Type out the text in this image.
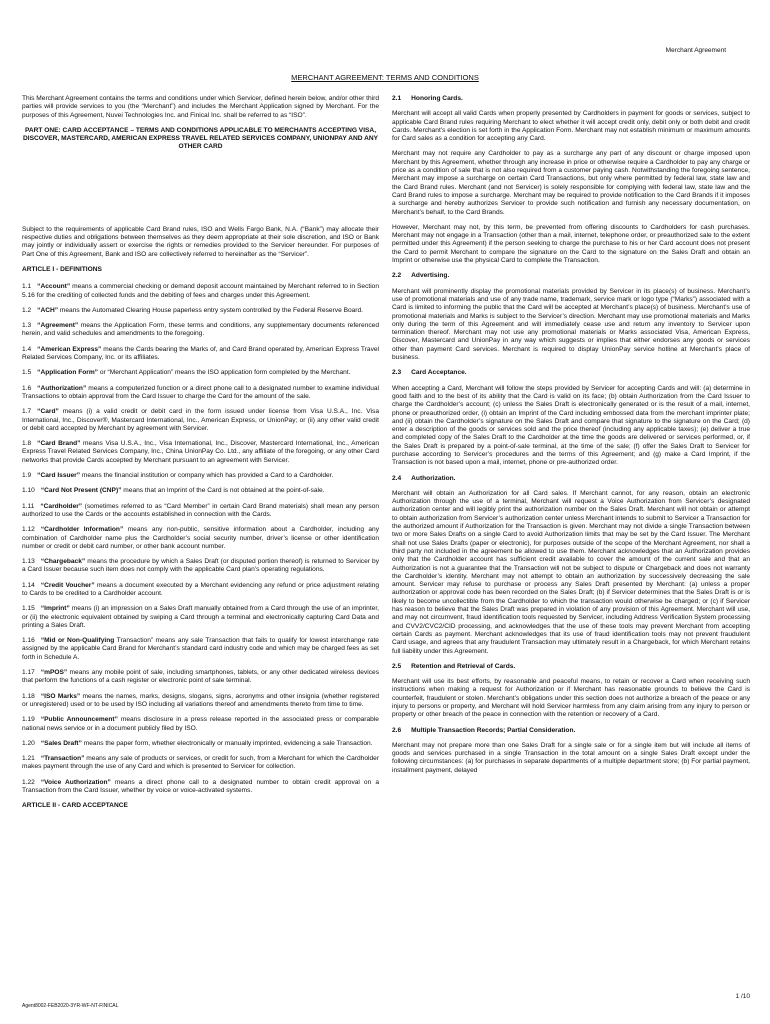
Merchant Agreement
MERCHANT AGREEMENT: TERMS AND CONDITIONS

This Merchant Agreement contains the terms and conditions under which Servicer, defined herein below, and/or other third parties will provide services to you (the “Merchant”) and includes the Merchant Application signed by Merchant. For the purposes of this Agreement, Nuvei Technologies Inc. and Finical Inc. shall be referred to as “ISO”.

PART ONE: CARD ACCEPTANCE – TERMS AND CONDITIONS APPLICABLE TO MERCHANTS ACCEPTING VISA, DISCOVER, MASTERCARD, AMERICAN EXPRESS TRAVEL RELATED SERVICES COMPANY, UNIONPAY AND ANY OTHER CARD

Subject to the requirements of applicable Card Brand rules, ISO and Wells Fargo Bank, N.A. (“Bank”) may allocate their respective duties and obligations between themselves as they deem appropriate at their sole discretion, and ISO or Bank may jointly or individually assert or exercise the rights or remedies provided to the Servicer hereunder. For purposes of Part One of this Agreement, Bank and ISO are collectively referred to hereinafter as the “Servicer”.

ARTICLE I - DEFINITIONS

1.1 “Account” means a commercial checking or demand deposit account maintained by Merchant referred to in Section 5.16 for the crediting of collected funds and the debiting of fees and charges under this Agreement.

1.2 “ACH” means the Automated Clearing House paperless entry system controlled by the Federal Reserve Board.

1.3 “Agreement” means the Application Form, these terms and conditions, any supplementary documents referenced herein, and valid schedules and amendments to the foregoing.

1.4 “American Express” means the Cards bearing the Marks of, and Card Brand operated by, American Express Travel Related Services Company, Inc. or its affiliates.

1.5 “Application Form” or “Merchant Application” means the ISO application form completed by the Merchant.

1.6 “Authorization” means a computerized function or a direct phone call to a designated number to examine individual Transactions to obtain approval from the Card Issuer to charge the Card for the amount of the sale.

1.7 “Card” means (i) a valid credit or debit card in the form issued under license from Visa U.S.A., Inc. Visa International, Inc., Discover®, Mastercard International, Inc., American Express, or UnionPay; or (ii) any other valid credit or debit card accepted by Merchant by agreement with Servicer.

1.8 “Card Brand” means Visa U.S.A., Inc., Visa International, Inc., Discover, Mastercard International, Inc., American Express Travel Related Services Company, Inc., China UnionPay Co. Ltd., any affiliate of the foregoing, or any other Card networks that provide Cards accepted by Merchant pursuant to an agreement with Servicer.

1.9 “Card Issuer” means the financial institution or company which has provided a Card to a Cardholder.

1.10 “Card Not Present (CNP)” means that an Imprint of the Card is not obtained at the point-of-sale.

1.11 “Cardholder” (sometimes referred to as “Card Member” in certain Card Brand materials) shall mean any person authorized to use the Cards or the accounts established in connection with the Cards.

1.12 “Cardholder Information” means any non-public, sensitive information about a Cardholder, including any combination of Cardholder name plus the Cardholder’s social security number, driver’s license or other identification number or credit or debit card number, or other bank account number.

1.13 “Chargeback” means the procedure by which a Sales Draft (or disputed portion thereof) is returned to Servicer by a Card Issuer because such item does not comply with the applicable Card plan’s operating regulations.

1.14 “Credit Voucher” means a document executed by a Merchant evidencing any refund or price adjustment relating to Cards to be credited to a Cardholder account.

1.15 “Imprint” means (i) an impression on a Sales Draft manually obtained from a Card through the use of an imprinter, or (ii) the electronic equivalent obtained by swiping a Card through a terminal and electronically capturing Card Data and printing a Sales Draft.

1.16 “Mid or Non-Qualifying Transaction” means any sale Transaction that fails to qualify for lowest interchange rate assigned by the applicable Card Brand for Merchant’s standard card industry code and which may be charged fees as set forth in Schedule A.

1.17 “mPOS” means any mobile point of sale, including smartphones, tablets, or any other dedicated wireless devices that perform the functions of a cash register or electronic point of sale terminal.

1.18 “ISO Marks” means the names, marks, designs, slogans, signs, acronyms and other insignia (whether registered or unregistered) used or to be used by ISO including all variations thereof and amendments thereto from time to time.

1.19 “Public Announcement” means disclosure in a press release reported in the associated press or comparable national news service or in a document publicly filed by ISO.

1.20 “Sales Draft” means the paper form, whether electronically or manually imprinted, evidencing a sale Transaction.

1.21 “Transaction” means any sale of products or services, or credit for such, from a Merchant for which the Cardholder makes payment through the use of any Card and which is presented to Servicer for collection.

1.22 “Voice Authorization” means a direct phone call to a designated number to obtain credit approval on a Transaction from the Card Issuer, whether by voice or voice-activated systems.

ARTICLE II - CARD ACCEPTANCE

2.1 Honoring Cards.

Merchant will accept all valid Cards when properly presented by Cardholders in payment for goods or services, subject to applicable Card Brand rules requiring Merchant to elect whether it will accept credit only, debit only or both debit and credit Cards. Merchant’s election is set forth in the Application Form. Merchant may not establish minimum or maximum amounts for Card sales as a condition for accepting any Card.

Merchant may not require any Cardholder to pay as a surcharge any part of any discount or charge imposed upon Merchant by this Agreement, whether through any increase in price or otherwise require a Cardholder to pay any charge or price as a condition of sale that is not also required from a customer paying cash. Notwithstanding the foregoing sentence, Merchant may impose a surcharge on certain Card Transactions, but only where permitted by federal law, state law and the Card Brand rules. Merchant (and not Servicer) is solely responsible for complying with federal law, state law and the Card Brand rules to impose a surcharge. Merchant may be required to provide notification to the Card Brands if it imposes a surcharge and hereby authorizes Servicer to provide such notification and furnish any necessary documentation, on Merchant’s behalf, to the Card Brands.

However, Merchant may not, by this term, be prevented from offering discounts to Cardholders for cash purchases. Merchant may not engage in a Transaction (other than a mail, internet, telephone order, or preauthorized sale to the extent permitted under this Agreement) if the person seeking to charge the purchase to his or her Card account does not present the Card to permit Merchant to compare the signature on the Card to the signature on the Sales Draft and obtain an Imprint or otherwise use the physical Card to complete the Transaction.

2.2 Advertising.

Merchant will prominently display the promotional materials provided by Servicer in its place(s) of business. Merchant’s use of promotional materials and use of any trade name, trademark, service mark or logo type (“Marks”) associated with a Card is limited to informing the public that the Card will be accepted at Merchant’s place(s) of business. Merchant’s use of promotional materials and Marks is subject to the Servicer’s direction. Merchant may use promotional materials and Marks only during the term of this Agreement and will immediately cease use and return any inventory to Servicer upon termination thereof. Merchant may not use any promotional materials or Marks associated Visa, American Express, Discover, Mastercard and UnionPay in any way which suggests or implies that either endorses any goods or services other than payment Card services. Merchant is required to display UnionPay service hotline at Merchant’s place of business.

2.3 Card Acceptance.

When accepting a Card, Merchant will follow the steps provided by Servicer for accepting Cards and will: (a) determine in good faith and to the best of its ability that the Card is valid on its face; (b) obtain Authorization from the Card Issuer to charge the Cardholder’s account; (c) unless the Sales Draft is electronically generated or is the result of a mail, internet, phone or preauthorized order, (i) obtain an Imprint of the Card including embossed data from the merchant imprinter plate; and (ii) obtain the Cardholder’s signature on the Sales Draft and compare that signature to the signature on the Card; (d) enter a description of the goods or services sold and the price thereof (including any applicable taxes); (e) deliver a true and completed copy of the Sales Draft to the Cardholder at the time the goods are delivered or services performed, or, if the Sales Draft is prepared by a point-of-sale terminal, at the time of the sale; (f) offer the Sales Draft to Servicer for purchase according to Servicer’s procedures and the terms of this Agreement; and (g) make a Card Imprint, if the Transaction is not based upon a mail, internet, phone or pre-authorized order.

2.4 Authorization.

Merchant will obtain an Authorization for all Card sales. If Merchant cannot, for any reason, obtain an electronic Authorization through the use of a terminal, Merchant will request a Voice Authorization from Servicer’s designated authorization center and will legibly print the authorization number on the Sales Draft. Merchant will not obtain or attempt to obtain authorization from Servicer’s authorization center unless Merchant intends to submit to Servicer a Transaction for the authorized amount if Authorization for the Transaction is given. Merchant may not divide a single Transaction between two or more Sales Drafts on a single Card to avoid Authorization limits that may be set by the Card Issuer. The Merchant shall not use Sales Drafts (paper or electronic), for purposes outside of the scope of the Merchant Agreement, nor shall a third party not included in the agreement be allowed to use them. Merchant acknowledges that an Authorization provides only that the Cardholder account has sufficient credit available to cover the amount of the current sale and that an Authorization is not a guarantee that the Transaction will not be subject to dispute or Chargeback and does not warranty the Cardholder’s identity. Merchant may not attempt to obtain an authorization by successively decreasing the sale amount. Servicer may refuse to purchase or process any Sales Draft presented by Merchant: (a) unless a proper authorization or approval code has been recorded on the Sales Draft; (b) if Servicer determines that the Sales Draft is or is likely to become uncollectible from the Cardholder to which the transaction would otherwise be charged; or (c) if Servicer has reason to believe that the Sales Draft was prepared in violation of any provision of this Agreement. Merchant will use, and may not circumvent, fraud identification tools requested by Servicer, including Address Verification System processing and CVV2/CVC2/CID processing, and acknowledges that the use of these tools may prevent Merchant from accepting certain Cards as payment. Merchant acknowledges that its use of fraud identification tools may not prevent fraudulent Card usage, and agrees that any fraudulent Transaction may ultimately result in a Chargeback, for which Merchant retains full liability under this Agreement.

2.5 Retention and Retrieval of Cards.

Merchant will use its best efforts, by reasonable and peaceful means, to retain or recover a Card when receiving such instructions when making a request for Authorization or if Merchant has reasonable grounds to believe the Card is counterfeit, fraudulent or stolen. Merchant’s obligations under this section does not authorize a breach of the peace or any injury to persons or property, and Merchant will hold Servicer harmless from any claim arising from any injury to person or property or other breach of the peace in connection with the retention or recovery of a Card.

2.6 Multiple Transaction Records; Partial Consideration.

Merchant may not prepare more than one Sales Draft for a single sale or for a single item but will include all items of goods and services purchased in a single Transaction in the total amount on a single Sales Draft except under the following circumstances: (a) for purchases in separate departments of a multiple department store; (b) For partial payment, installment payment, delayed

1 /10
Agent8002-FEB2020-3YR-WF-NT-FINICAL
